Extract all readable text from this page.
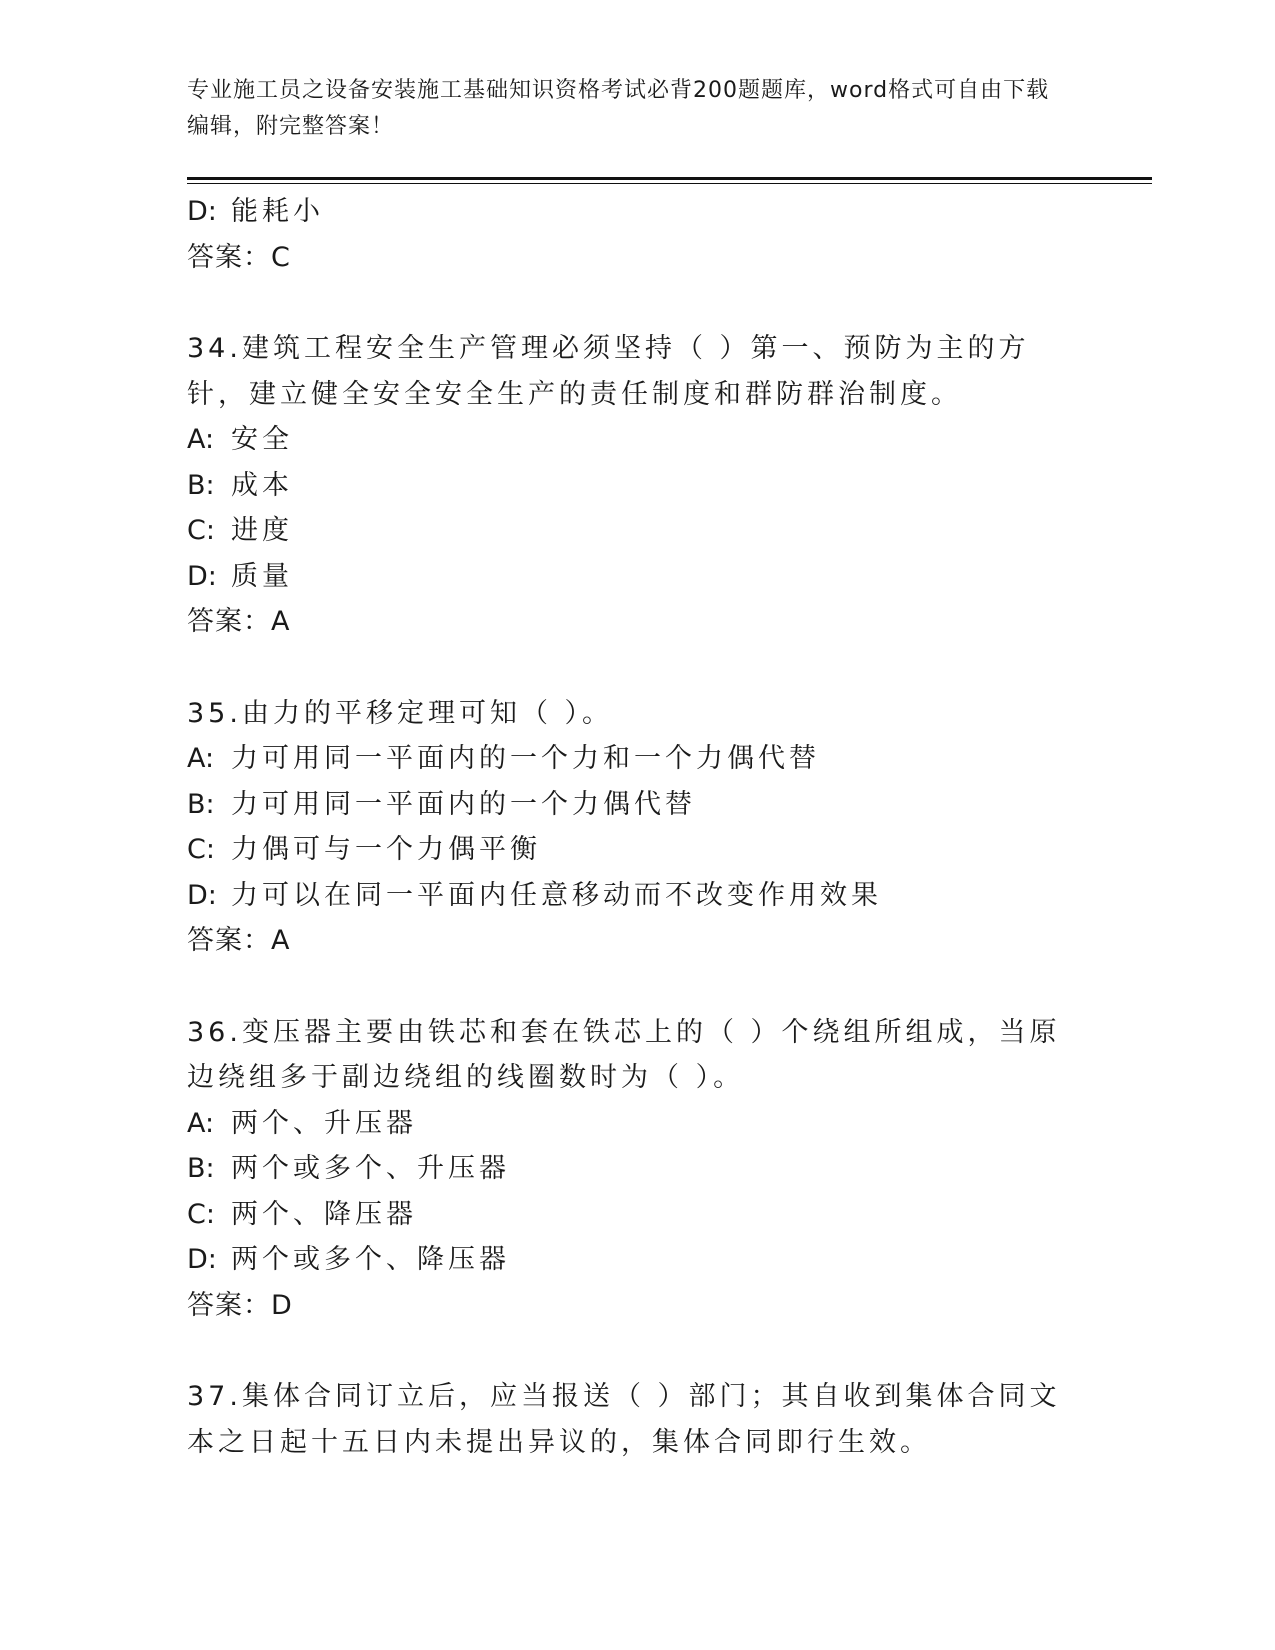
专业施工员之设备安装施工基础知识资格考试必背200题题库，word格式可自由下载编辑，附完整答案！
D: 能耗小
答案：C
34.建筑工程安全生产管理必须坚持（ ）第一、预防为主的方针，建立健全安全安全生产的责任制度和群防群治制度。
A: 安全
B: 成本
C: 进度
D: 质量
答案：A
35.由力的平移定理可知（ ）。
A: 力可用同一平面内的一个力和一个力偶代替
B: 力可用同一平面内的一个力偶代替
C: 力偶可与一个力偶平衡
D: 力可以在同一平面内任意移动而不改变作用效果
答案：A
36.变压器主要由铁芯和套在铁芯上的（ ）个绕组所组成，当原边绕组多于副边绕组的线圈数时为（ ）。
A: 两个、升压器
B: 两个或多个、升压器
C: 两个、降压器
D: 两个或多个、降压器
答案：D
37.集体合同订立后，应当报送（ ）部门；其自收到集体合同文本之日起十五日内未提出异议的，集体合同即行生效。
